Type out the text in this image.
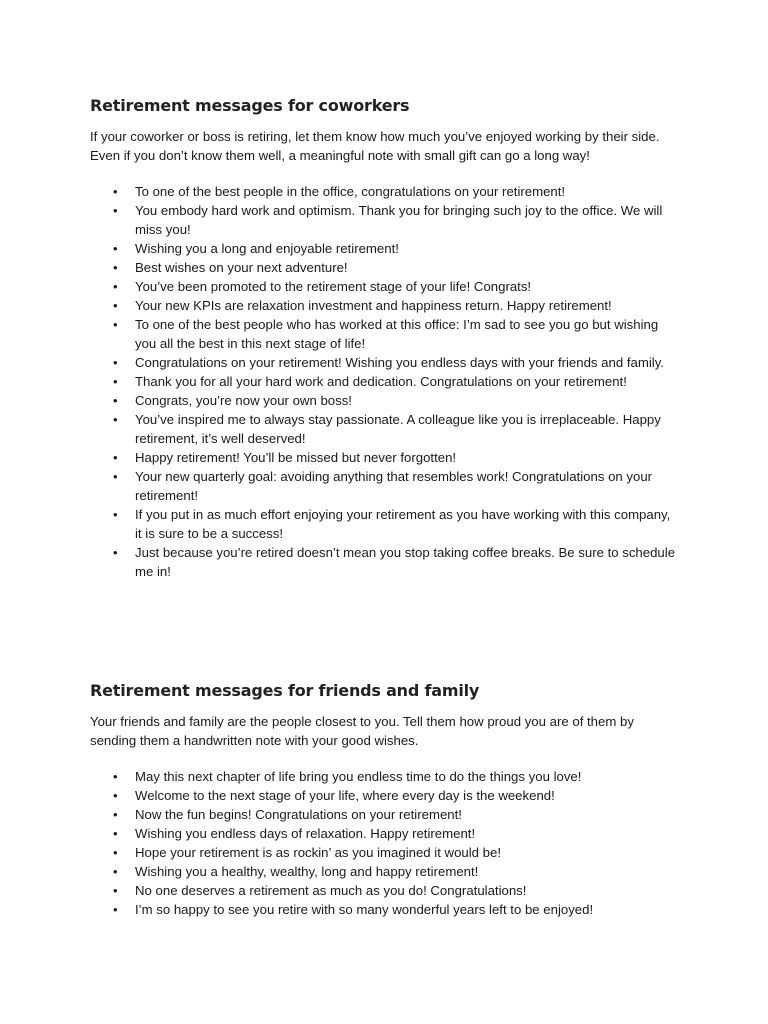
Retirement messages for coworkers

If your coworker or boss is retiring, let them know how much you’ve enjoyed working by their side. Even if you don’t know them well, a meaningful note with small gift can go a long way!

• To one of the best people in the office, congratulations on your retirement!
• You embody hard work and optimism. Thank you for bringing such joy to the office. We will miss you!
• Wishing you a long and enjoyable retirement!
• Best wishes on your next adventure!
• You’ve been promoted to the retirement stage of your life! Congrats!
• Your new KPIs are relaxation investment and happiness return. Happy retirement!
• To one of the best people who has worked at this office: I’m sad to see you go but wishing you all the best in this next stage of life!
• Congratulations on your retirement! Wishing you endless days with your friends and family.
• Thank you for all your hard work and dedication. Congratulations on your retirement!
• Congrats, you’re now your own boss!
• You’ve inspired me to always stay passionate. A colleague like you is irreplaceable. Happy retirement, it’s well deserved!
• Happy retirement! You’ll be missed but never forgotten!
• Your new quarterly goal: avoiding anything that resembles work! Congratulations on your retirement!
• If you put in as much effort enjoying your retirement as you have working with this company, it is sure to be a success!
• Just because you’re retired doesn’t mean you stop taking coffee breaks. Be sure to schedule me in!
Retirement messages for friends and family

Your friends and family are the people closest to you. Tell them how proud you are of them by sending them a handwritten note with your good wishes.

• May this next chapter of life bring you endless time to do the things you love!
• Welcome to the next stage of your life, where every day is the weekend!
• Now the fun begins! Congratulations on your retirement!
• Wishing you endless days of relaxation. Happy retirement!
• Hope your retirement is as rockin’ as you imagined it would be!
• Wishing you a healthy, wealthy, long and happy retirement!
• No one deserves a retirement as much as you do! Congratulations!
• I’m so happy to see you retire with so many wonderful years left to be enjoyed!
